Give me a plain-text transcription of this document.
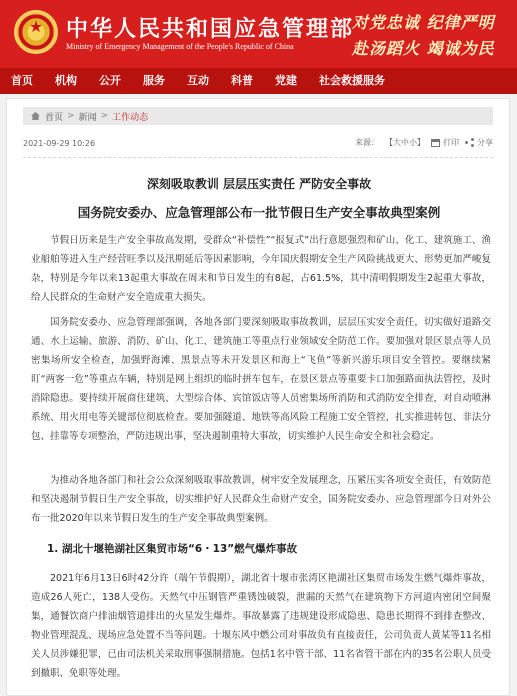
★	中华人民共和国应急管理部
Ministry of Emergency Management of the People's Republic of China
对党忠诚 纪律严明
赴汤蹈火 竭诚为民
首页	机构	公开	服务	互动	科普	党建	社会救援服务
首页 > 新闻 > 工作动态
2021-09-29 10:26	来源： 【大中小】 打印 分享
深刻吸取教训 层层压实责任 严防安全事故
国务院安委办、应急管理部公布一批节假日生产安全事故典型案例

节假日历来是生产安全事故高发期，受群众“补偿性”“报复式”出行意愿强烈和矿山、化工、建筑施工、渔业船舶等进入生产经营旺季以及汛期延后等因素影响，今年国庆假期安全生产风险挑战更大、形势更加严峻复杂，特别是今年以来13起重大事故在周末和节日发生的有8起，占61.5%，其中清明假期发生2起重大事故，给人民群众的生命财产安全造成重大损失。

国务院安委办、应急管理部强调，各地各部门要深刻吸取事故教训，层层压实安全责任，切实做好道路交通、水上运输、旅游、消防、矿山、化工、建筑施工等重点行业领域安全防范工作。要加强对景区景点等人员密集场所安全检查，加强野海滩、黑景点等未开发景区和海上“飞鱼”等新兴游乐项目安全管控。要继续紧盯“两客一危”等重点车辆，特别是网上组织的临时拼车包车，在景区景点等重要卡口加强路面执法管控，及时消除隐患。要持续开展商住建筑、大型综合体、宾馆饭店等人员密集场所消防和式消防安全排查，对自动喷淋系统、用火用电等关键部位彻底检查。要加强隧道、地铁等高风险工程施工安全管控，扎实推进转包、非法分包、挂靠等专项整治，严防违规出事，坚决遏制重特大事故，切实维护人民生命安全和社会稳定。

为推动各地各部门和社会公众深刻吸取事故教训，树牢安全发展理念，压紧压实各项安全责任，有效防范和坚决遏制节假日生产安全事故，切实维护好人民群众生命财产安全，国务院安委办、应急管理部今日对外公布一批2020年以来节假日发生的生产安全事故典型案例。

1. 湖北十堰艳湖社区集贸市场“6・13”燃气爆炸事故

2021年6月13日6时42分许（端午节假期），湖北省十堰市张湾区艳湖社区集贸市场发生燃气爆炸事故，造成26人死亡，138人受伤。天然气中压钢管严重锈蚀破裂，泄漏的天然气在建筑物下方河道内密闭空间聚集，通餐饮商户排油烟管道排出的火星发生爆炸。事故暴露了违规建设形成隐患、隐患长期得不到排查整改、物业管理混乱、现场应急处置不当等问题。十堰东风中燃公司对事故负有直接责任，公司负责人黄某等11名相关人员涉嫌犯罪，已由司法机关采取刑事强制措施。包括1名中管干部、11名省管干部在内的35名公职人员受到撤职、免职等处理。
